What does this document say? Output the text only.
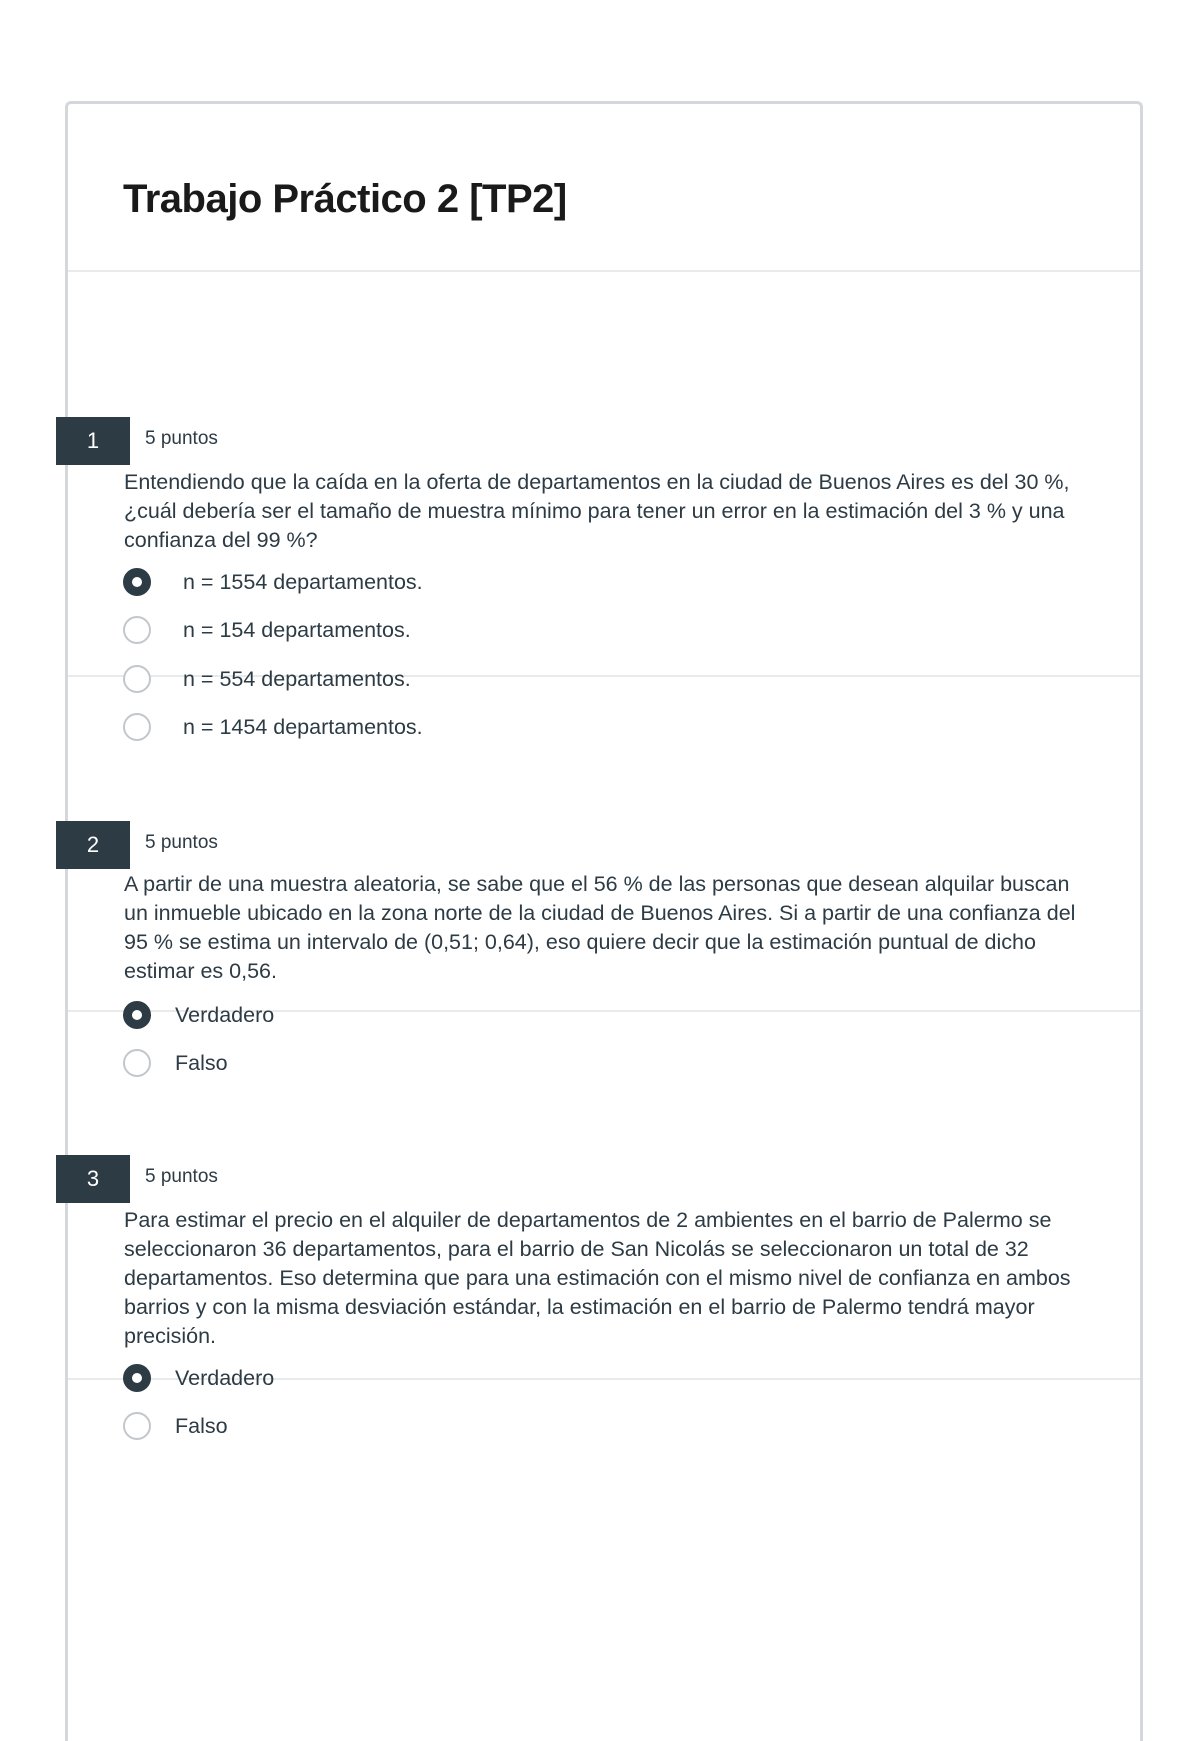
Trabajo Práctico 2 [TP2]
1	5 puntos

Entendiendo que la caída en la oferta de departamentos en la ciudad de Buenos Aires es del 30 %, ¿cuál debería ser el tamaño de muestra mínimo para tener un error en la estimación del 3 % y una confianza del 99 %?

n = 1554 departamentos.
n = 154 departamentos.
n = 554 departamentos.
n = 1454 departamentos.
2	5 puntos

A partir de una muestra aleatoria, se sabe que el 56 % de las personas que desean alquilar buscan un inmueble ubicado en la zona norte de la ciudad de Buenos Aires. Si a partir de una confianza del 95 % se estima un intervalo de (0,51; 0,64), eso quiere decir que la estimación puntual de dicho estimar es 0,56.

Verdadero
Falso
3	5 puntos

Para estimar el precio en el alquiler de departamentos de 2 ambientes en el barrio de Palermo se seleccionaron 36 departamentos, para el barrio de San Nicolás se seleccionaron un total de 32 departamentos. Eso determina que para una estimación con el mismo nivel de confianza en ambos barrios y con la misma desviación estándar, la estimación en el barrio de Palermo tendrá mayor precisión.

Verdadero
Falso
